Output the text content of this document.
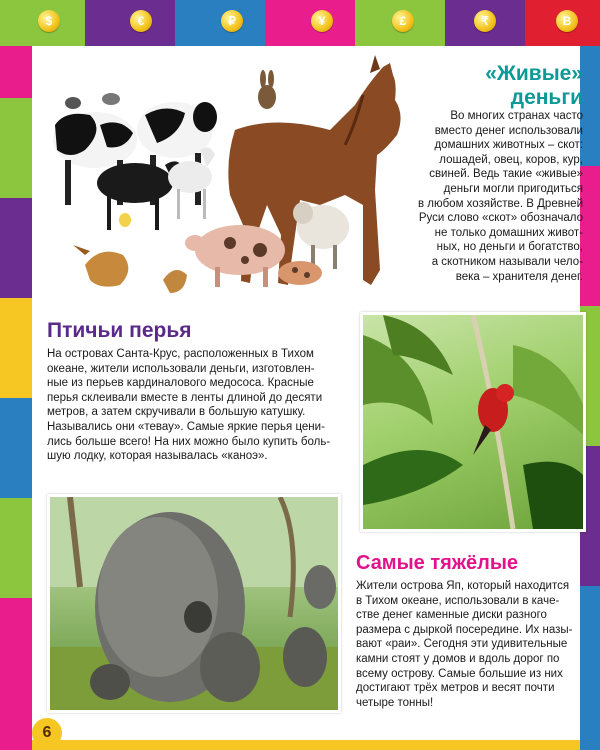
$	€	₽	¥	£	₹	B
«Живые»
деньги
Во многих странах часто
вместо денег использовали
домашних животных – скот:
лошадей, овец, коров, кур,
свиней. Ведь такие «живые»
деньги могли пригодиться
в любом хозяйстве. В Древней
Руси слово «скот» обозначало
не только домашних живот-
ных, но деньги и богатство,
а скотником называли чело-
века – хранителя денег.
Птичьи перья
На островах Санта-Крус, расположенных в Тихом
океане, жители использовали деньги, изготовлен-
ные из перьев кардиналового медососа. Красные
перья склеивали вместе в ленты длиной до десяти
метров, а затем скручивали в большую катушку.
Назывались они «тевау». Самые яркие перья цени-
лись больше всего! На них можно было купить боль-
шую лодку, которая называлась «каноэ».
Самые тяжёлые
Жители острова Яп, который находится
в Тихом океане, использовали в каче-
стве денег каменные диски разного
размера с дыркой посередине. Их назы-
вают «раи». Сегодня эти удивительные
камни стоят у домов и вдоль дорог по
всему острову. Самые большие из них
достигают трёх метров и весят почти
четыре тонны!
6
